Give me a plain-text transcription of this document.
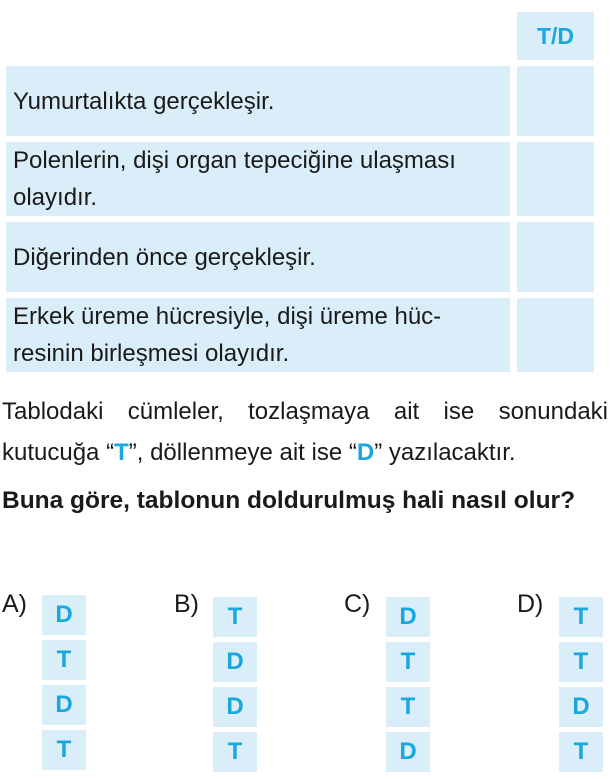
T/D
Yumurtalıkta gerçekleşir.
Polenlerin, dişi organ tepeciğine ulaşması
olayıdır.
Diğerinden önce gerçekleşir.
Erkek üreme hücresiyle, dişi üreme hüc-
resinin birleşmesi olayıdır.

Tablodaki cümleler, tozlaşmaya ait ise sonundaki kutucuğa “T”, döllenmeye ait ise “D” yazılacaktır.

Buna göre, tablonun doldurulmuş hali nasıl olur?

A)	D
T
D
T
B)	T
D
D
T
C)	D
T
T
D
D)	T
T
D
T
